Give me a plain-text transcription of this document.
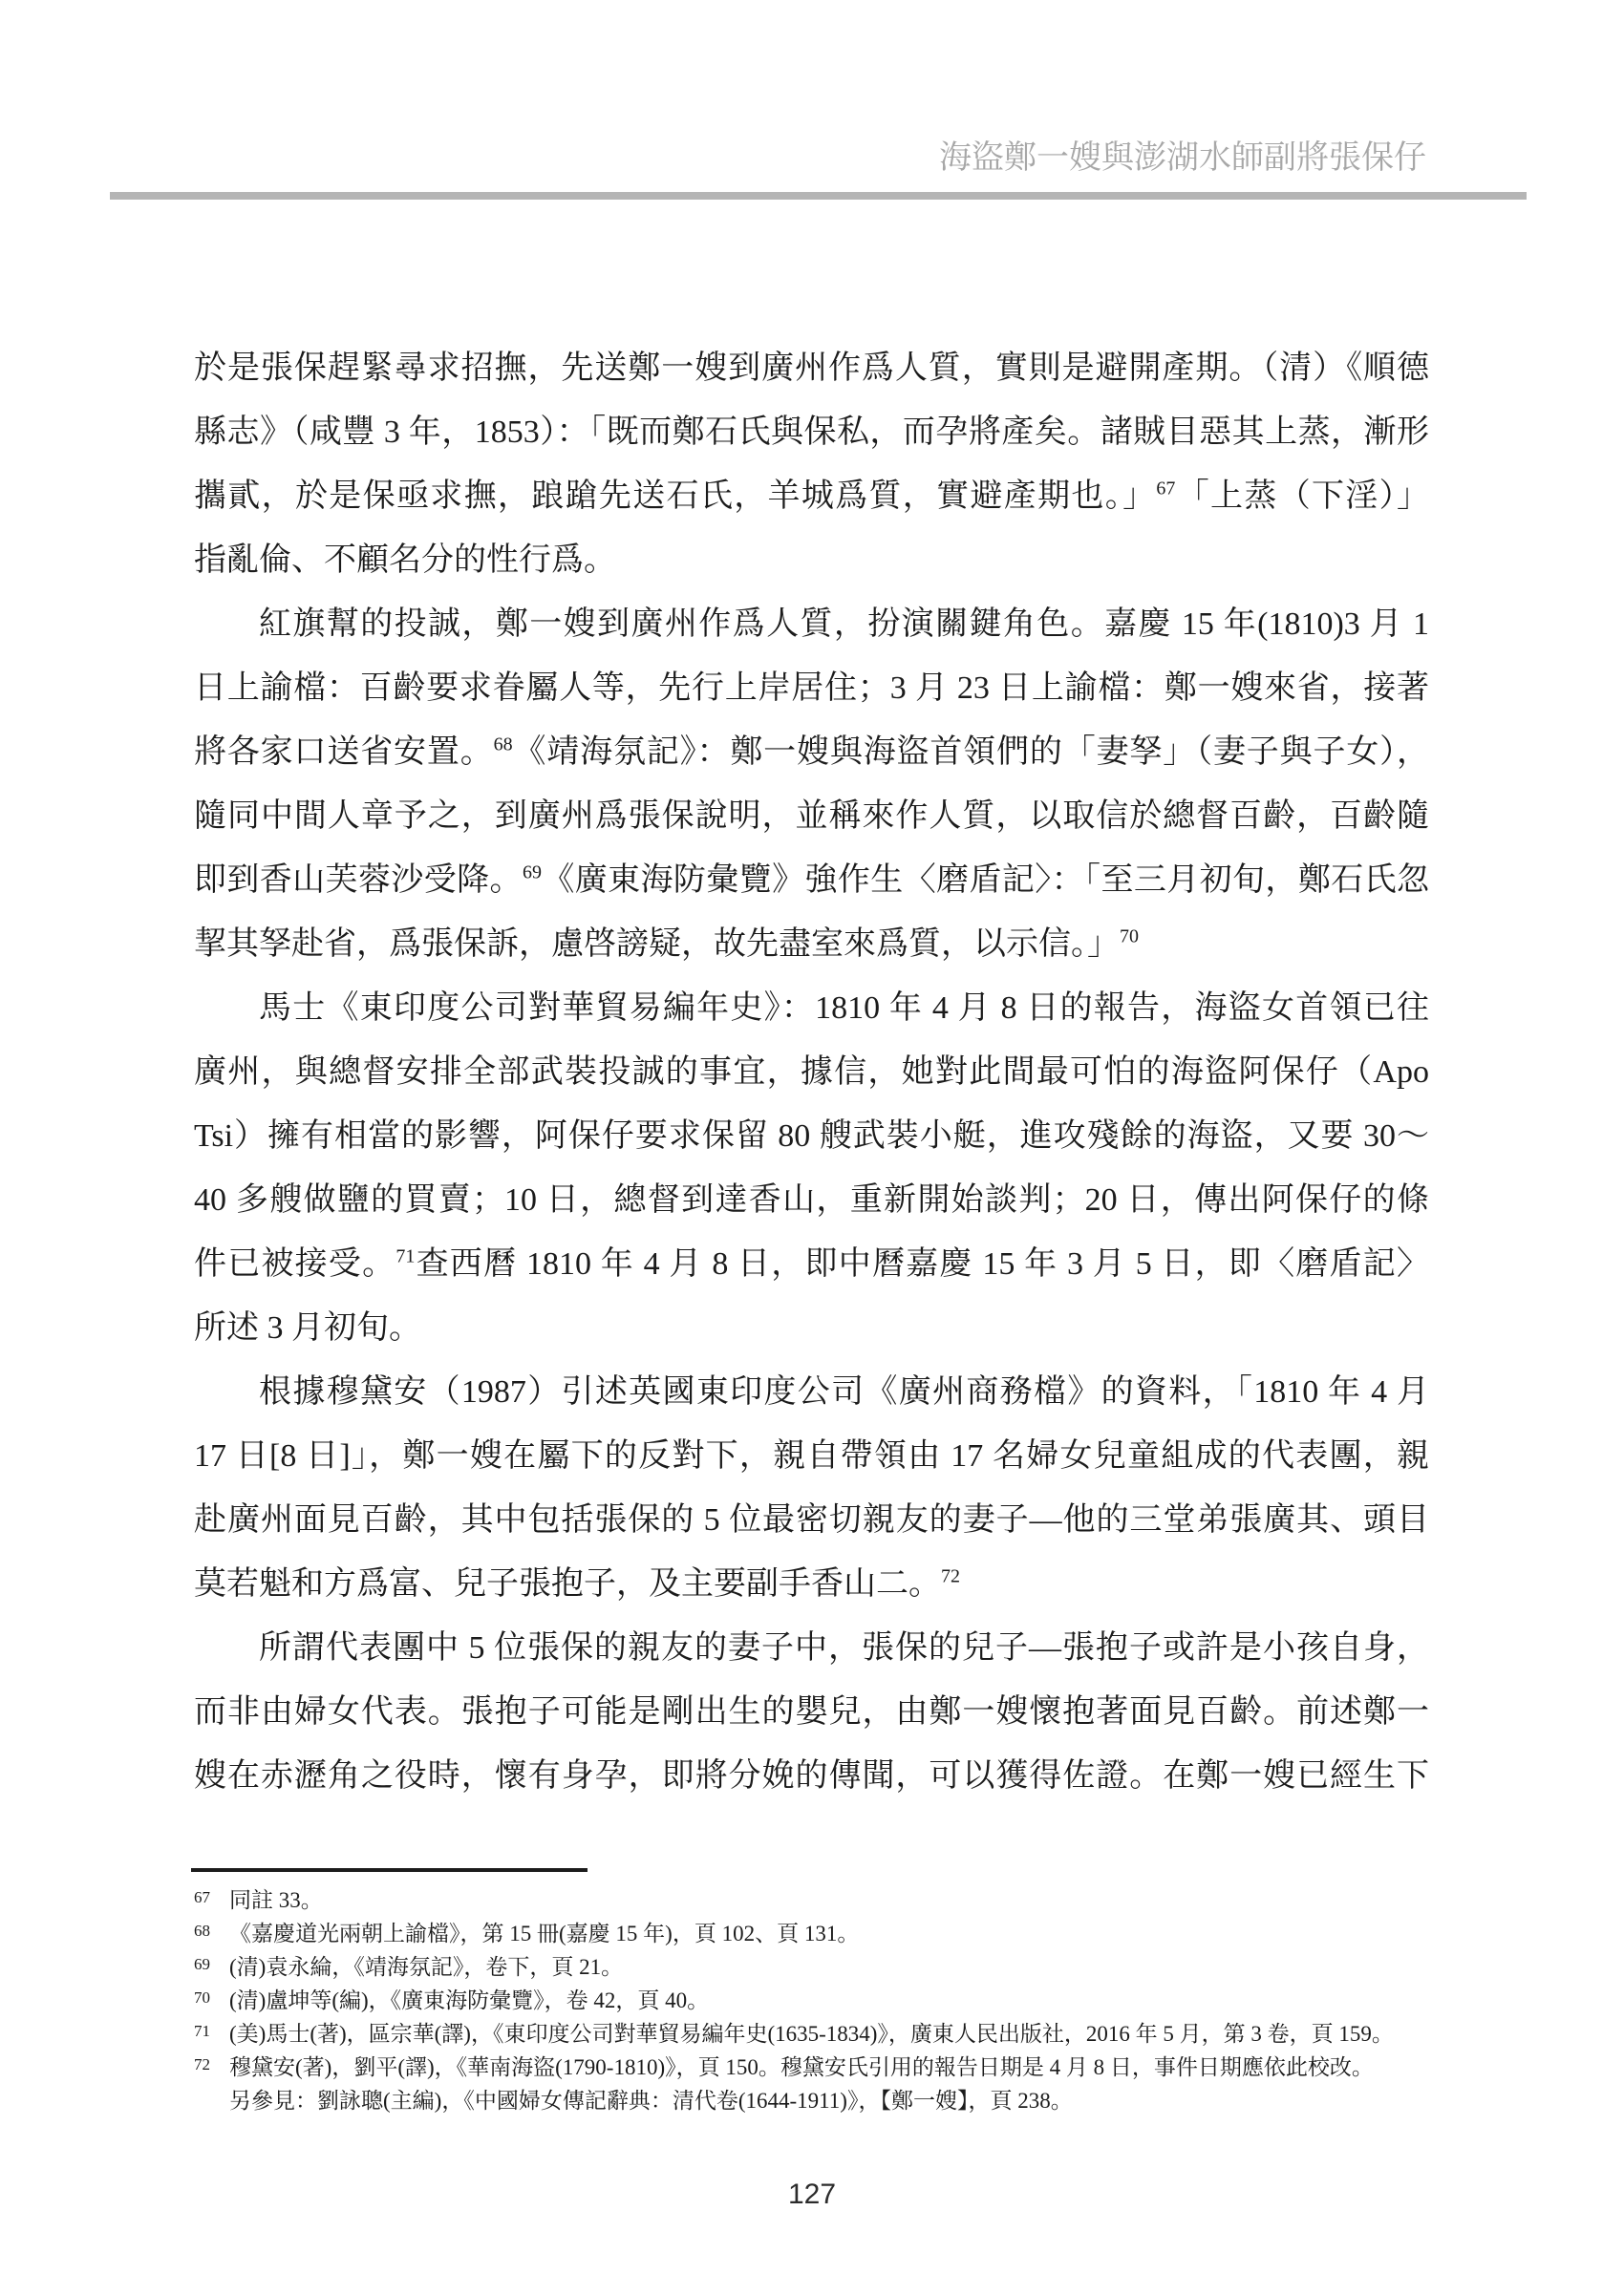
海盜鄭一嫂與澎湖水師副將張保仔
於是張保趕緊尋求招撫，先送鄭一嫂到廣州作爲人質，實則是避開產期。（清）《順德
縣志》（咸豐 3 年，1853）：「既而鄭石氏與保私，而孕將產矣。諸賊目惡其上蒸，漸形
攜貳，於是保亟求撫，踉蹌先送石氏，羊城爲質，實避產期也。」$^{67}$「上蒸（下淫）」
指亂倫、不顧名分的性行爲。
紅旗幫的投誠，鄭一嫂到廣州作爲人質，扮演關鍵角色。嘉慶 15 年(1810)3 月 1
日上諭檔：百齡要求眷屬人等，先行上岸居住；3 月 23 日上諭檔：鄭一嫂來省，接著
將各家口送省安置。$^{68}$《靖海氛記》：鄭一嫂與海盜首領們的「妻孥」（妻子與子女），
隨同中間人章予之，到廣州爲張保說明，並稱來作人質，以取信於總督百齡，百齡隨
即到香山芙蓉沙受降。$^{69}$《廣東海防彙覽》強作生〈磨盾記〉：「至三月初旬，鄭石氏忽
挈其孥赴省，爲張保訴，慮啓謗疑，故先盡室來爲質，以示信。」$^{70}$
馬士《東印度公司對華貿易編年史》：1810 年 4 月 8 日的報告，海盜女首領已往
廣州，與總督安排全部武裝投誠的事宜，據信，她對此間最可怕的海盜阿保仔（Apo
Tsi）擁有相當的影響，阿保仔要求保留 80 艘武裝小艇，進攻殘餘的海盜，又要 30～
40 多艘做鹽的買賣；10 日，總督到達香山，重新開始談判；20 日，傳出阿保仔的條
件已被接受。$^{71}$查西曆 1810 年 4 月 8 日，即中曆嘉慶 15 年 3 月 5 日，即〈磨盾記〉
所述 3 月初旬。
根據穆黛安（1987）引述英國東印度公司《廣州商務檔》的資料，「1810 年 4 月
17 日[8 日]」，鄭一嫂在屬下的反對下，親自帶領由 17 名婦女兒童組成的代表團，親
赴廣州面見百齡，其中包括張保的 5 位最密切親友的妻子—他的三堂弟張廣其、頭目
莫若魁和方爲富、兒子張抱子，及主要副手香山二。$^{72}$
所謂代表團中 5 位張保的親友的妻子中，張保的兒子—張抱子或許是小孩自身，
而非由婦女代表。張抱子可能是剛出生的嬰兒，由鄭一嫂懷抱著面見百齡。前述鄭一
嫂在赤瀝角之役時，懷有身孕，即將分娩的傳聞，可以獲得佐證。在鄭一嫂已經生下
67 同註 33。
68 《嘉慶道光兩朝上諭檔》，第 15 冊(嘉慶 15 年)，頁 102、頁 131。
69 (清)袁永綸，《靖海氛記》，卷下，頁 21。
70 (清)盧坤等(編)，《廣東海防彙覽》，卷 42，頁 40。
71 (美)馬士(著)，區宗華(譯)，《東印度公司對華貿易編年史(1635-1834)》，廣東人民出版社，2016 年 5 月，第 3 卷，頁 159。
72 穆黛安(著)，劉平(譯)，《華南海盜(1790-1810)》，頁 150。穆黛安氏引用的報告日期是 4 月 8 日，事件日期應依此校改。
另參見：劉詠聰(主編)，《中國婦女傳記辭典：清代卷(1644-1911)》，【鄭一嫂】，頁 238。
127
